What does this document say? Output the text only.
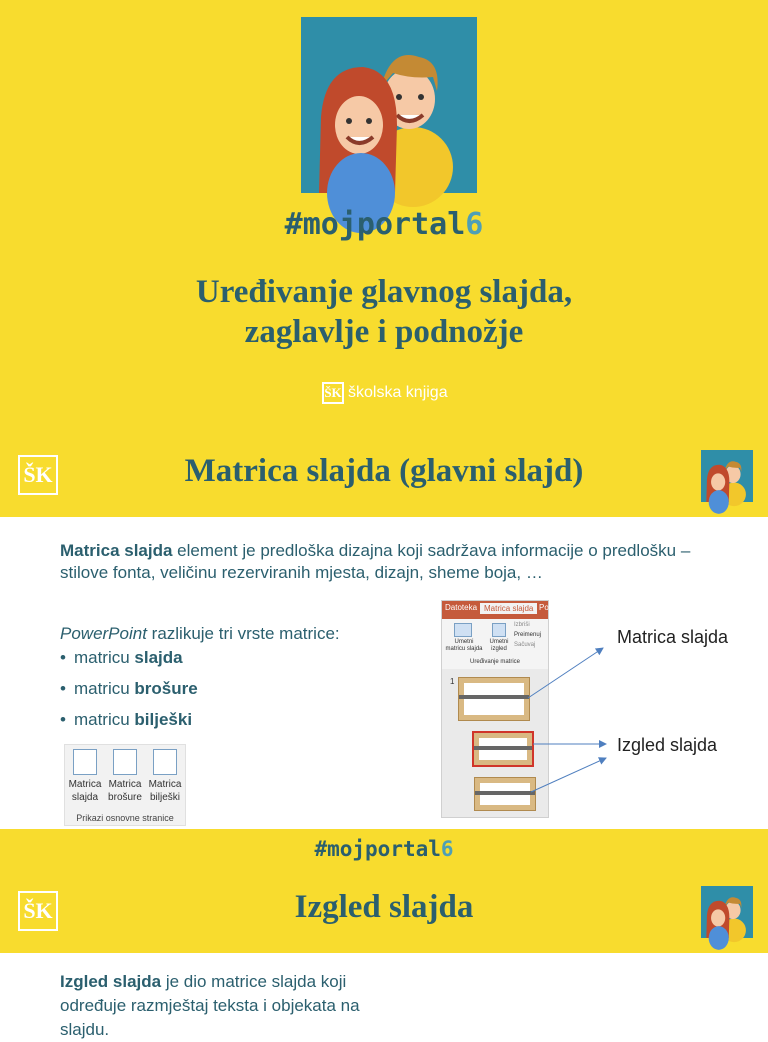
#mojportal6
Uređivanje glavnog slajda,
zaglavlje i podnožje
ŠK školska knjiga
ŠK	Matrica slajda (glavni slajd)
Matrica slajda element je predloška dizajna koji sadržava informacije o predlošku – stilove fonta, veličinu rezerviranih mjesta, dizajn, sheme boja, …
PowerPoint razlikuje tri vrste matrice:
• matricu slajda
• matricu brošure
• matricu bilješki
Matrica
slajda
Matrica
brošure
Matrica
bilješki
Prikazi osnovne stranice
Datoteka Matrica slajda Po
Umetni
matricu slajda
Umetni
izgled
Izbriši
Preimenuj
Sačuvaj
Uređivanje matrice
1
Matrica slajda
Izgled slajda
#mojportal6
ŠK	Izgled slajda
Izgled slajda je dio matrice slajda koji određuje razmještaj teksta i objekata na slajdu.
